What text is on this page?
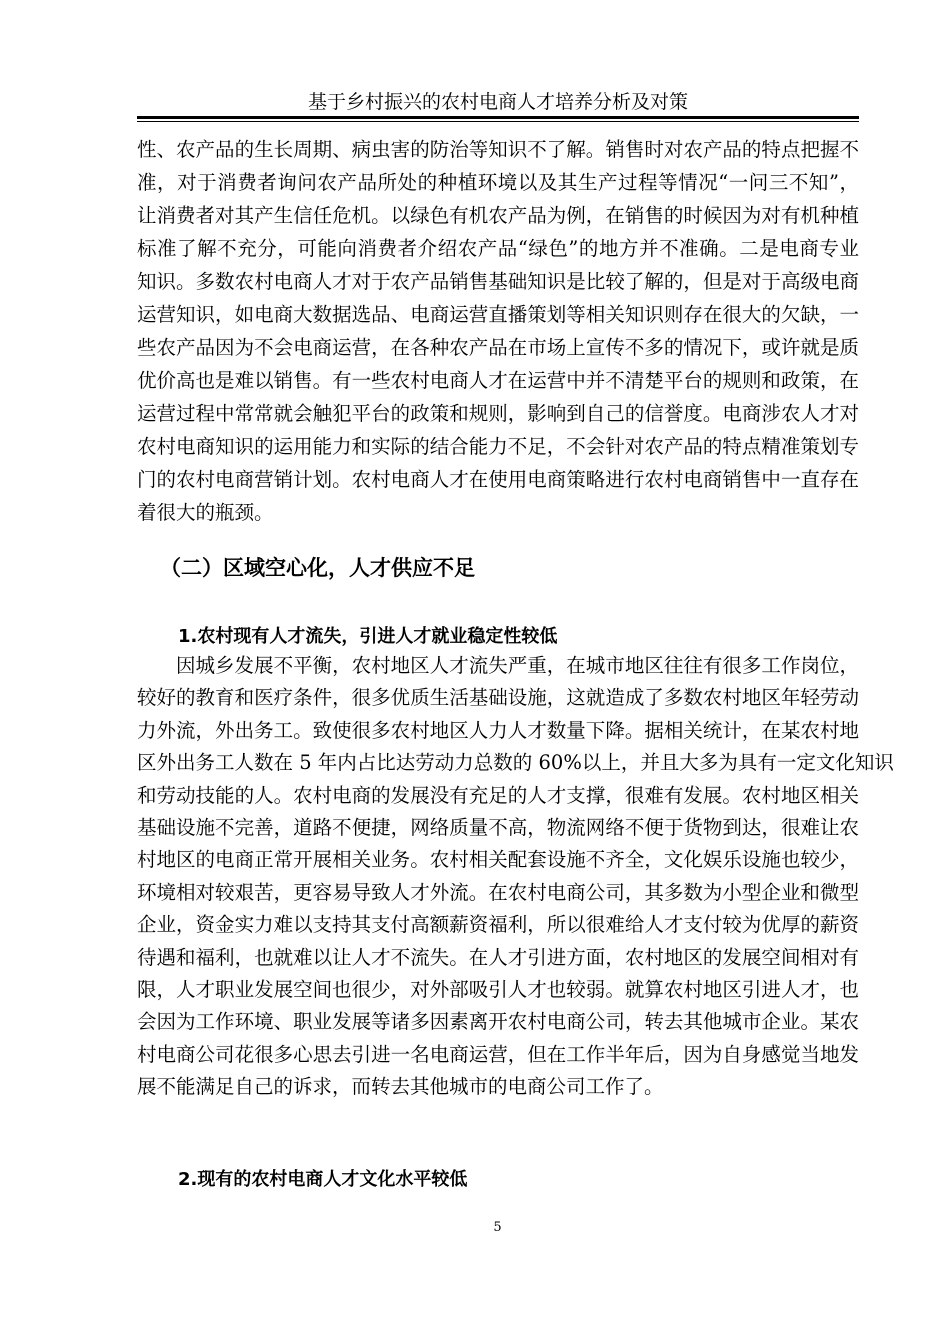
基于乡村振兴的农村电商人才培养分析及对策
性、农产品的生长周期、病虫害的防治等知识不了解。销售时对农产品的特点把握不
准，对于消费者询问农产品所处的种植环境以及其生产过程等情况“一问三不知”，
让消费者对其产生信任危机。以绿色有机农产品为例，在销售的时候因为对有机种植
标准了解不充分，可能向消费者介绍农产品“绿色”的地方并不准确。二是电商专业
知识。多数农村电商人才对于农产品销售基础知识是比较了解的，但是对于高级电商
运营知识，如电商大数据选品、电商运营直播策划等相关知识则存在很大的欠缺，一
些农产品因为不会电商运营，在各种农产品在市场上宣传不多的情况下，或许就是质
优价高也是难以销售。有一些农村电商人才在运营中并不清楚平台的规则和政策，在
运营过程中常常就会触犯平台的政策和规则，影响到自己的信誉度。电商涉农人才对
农村电商知识的运用能力和实际的结合能力不足，不会针对农产品的特点精准策划专
门的农村电商营销计划。农村电商人才在使用电商策略进行农村电商销售中一直存在
着很大的瓶颈。
（二）区域空心化，人才供应不足
1.农村现有人才流失，引进人才就业稳定性较低
因城乡发展不平衡，农村地区人才流失严重，在城市地区往往有很多工作岗位，
较好的教育和医疗条件，很多优质生活基础设施，这就造成了多数农村地区年轻劳动
力外流，外出务工。致使很多农村地区人力人才数量下降。据相关统计，在某农村地
区外出务工人数在 5 年内占比达劳动力总数的 60%以上，并且大多为具有一定文化知识
和劳动技能的人。农村电商的发展没有充足的人才支撑，很难有发展。农村地区相关
基础设施不完善，道路不便捷，网络质量不高，物流网络不便于货物到达，很难让农
村地区的电商正常开展相关业务。农村相关配套设施不齐全，文化娱乐设施也较少，
环境相对较艰苦，更容易导致人才外流。在农村电商公司，其多数为小型企业和微型
企业，资金实力难以支持其支付高额薪资福利，所以很难给人才支付较为优厚的薪资
待遇和福利，也就难以让人才不流失。在人才引进方面，农村地区的发展空间相对有
限，人才职业发展空间也很少，对外部吸引人才也较弱。就算农村地区引进人才，也
会因为工作环境、职业发展等诸多因素离开农村电商公司，转去其他城市企业。某农
村电商公司花很多心思去引进一名电商运营，但在工作半年后，因为自身感觉当地发
展不能满足自己的诉求，而转去其他城市的电商公司工作了。
2.现有的农村电商人才文化水平较低
5
